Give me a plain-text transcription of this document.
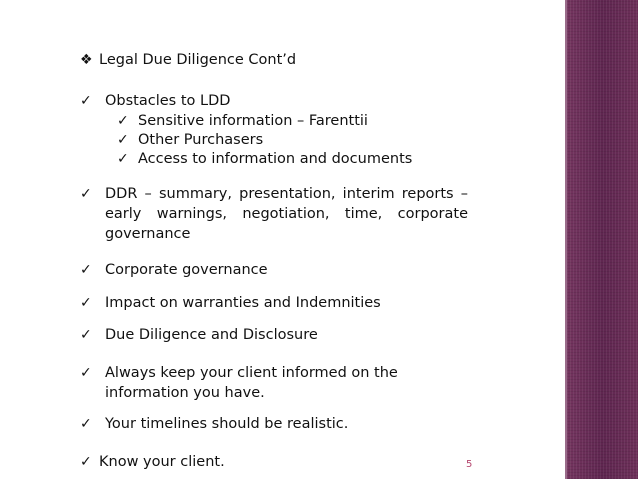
❖ Legal Due Diligence Cont’d
✓ Obstacles to LDD
✓ Sensitive information – Farenttii
✓ Other Purchasers
✓ Access to information and documents
✓ DDR – summary, presentation, interim reports –
early warnings, negotiation, time, corporate
governance
✓ Corporate governance
✓ Impact on warranties and Indemnities
✓ Due Diligence and Disclosure
✓ Always keep your client informed on the
information you have.
✓ Your timelines should be realistic.
✓ Know your client.	5
